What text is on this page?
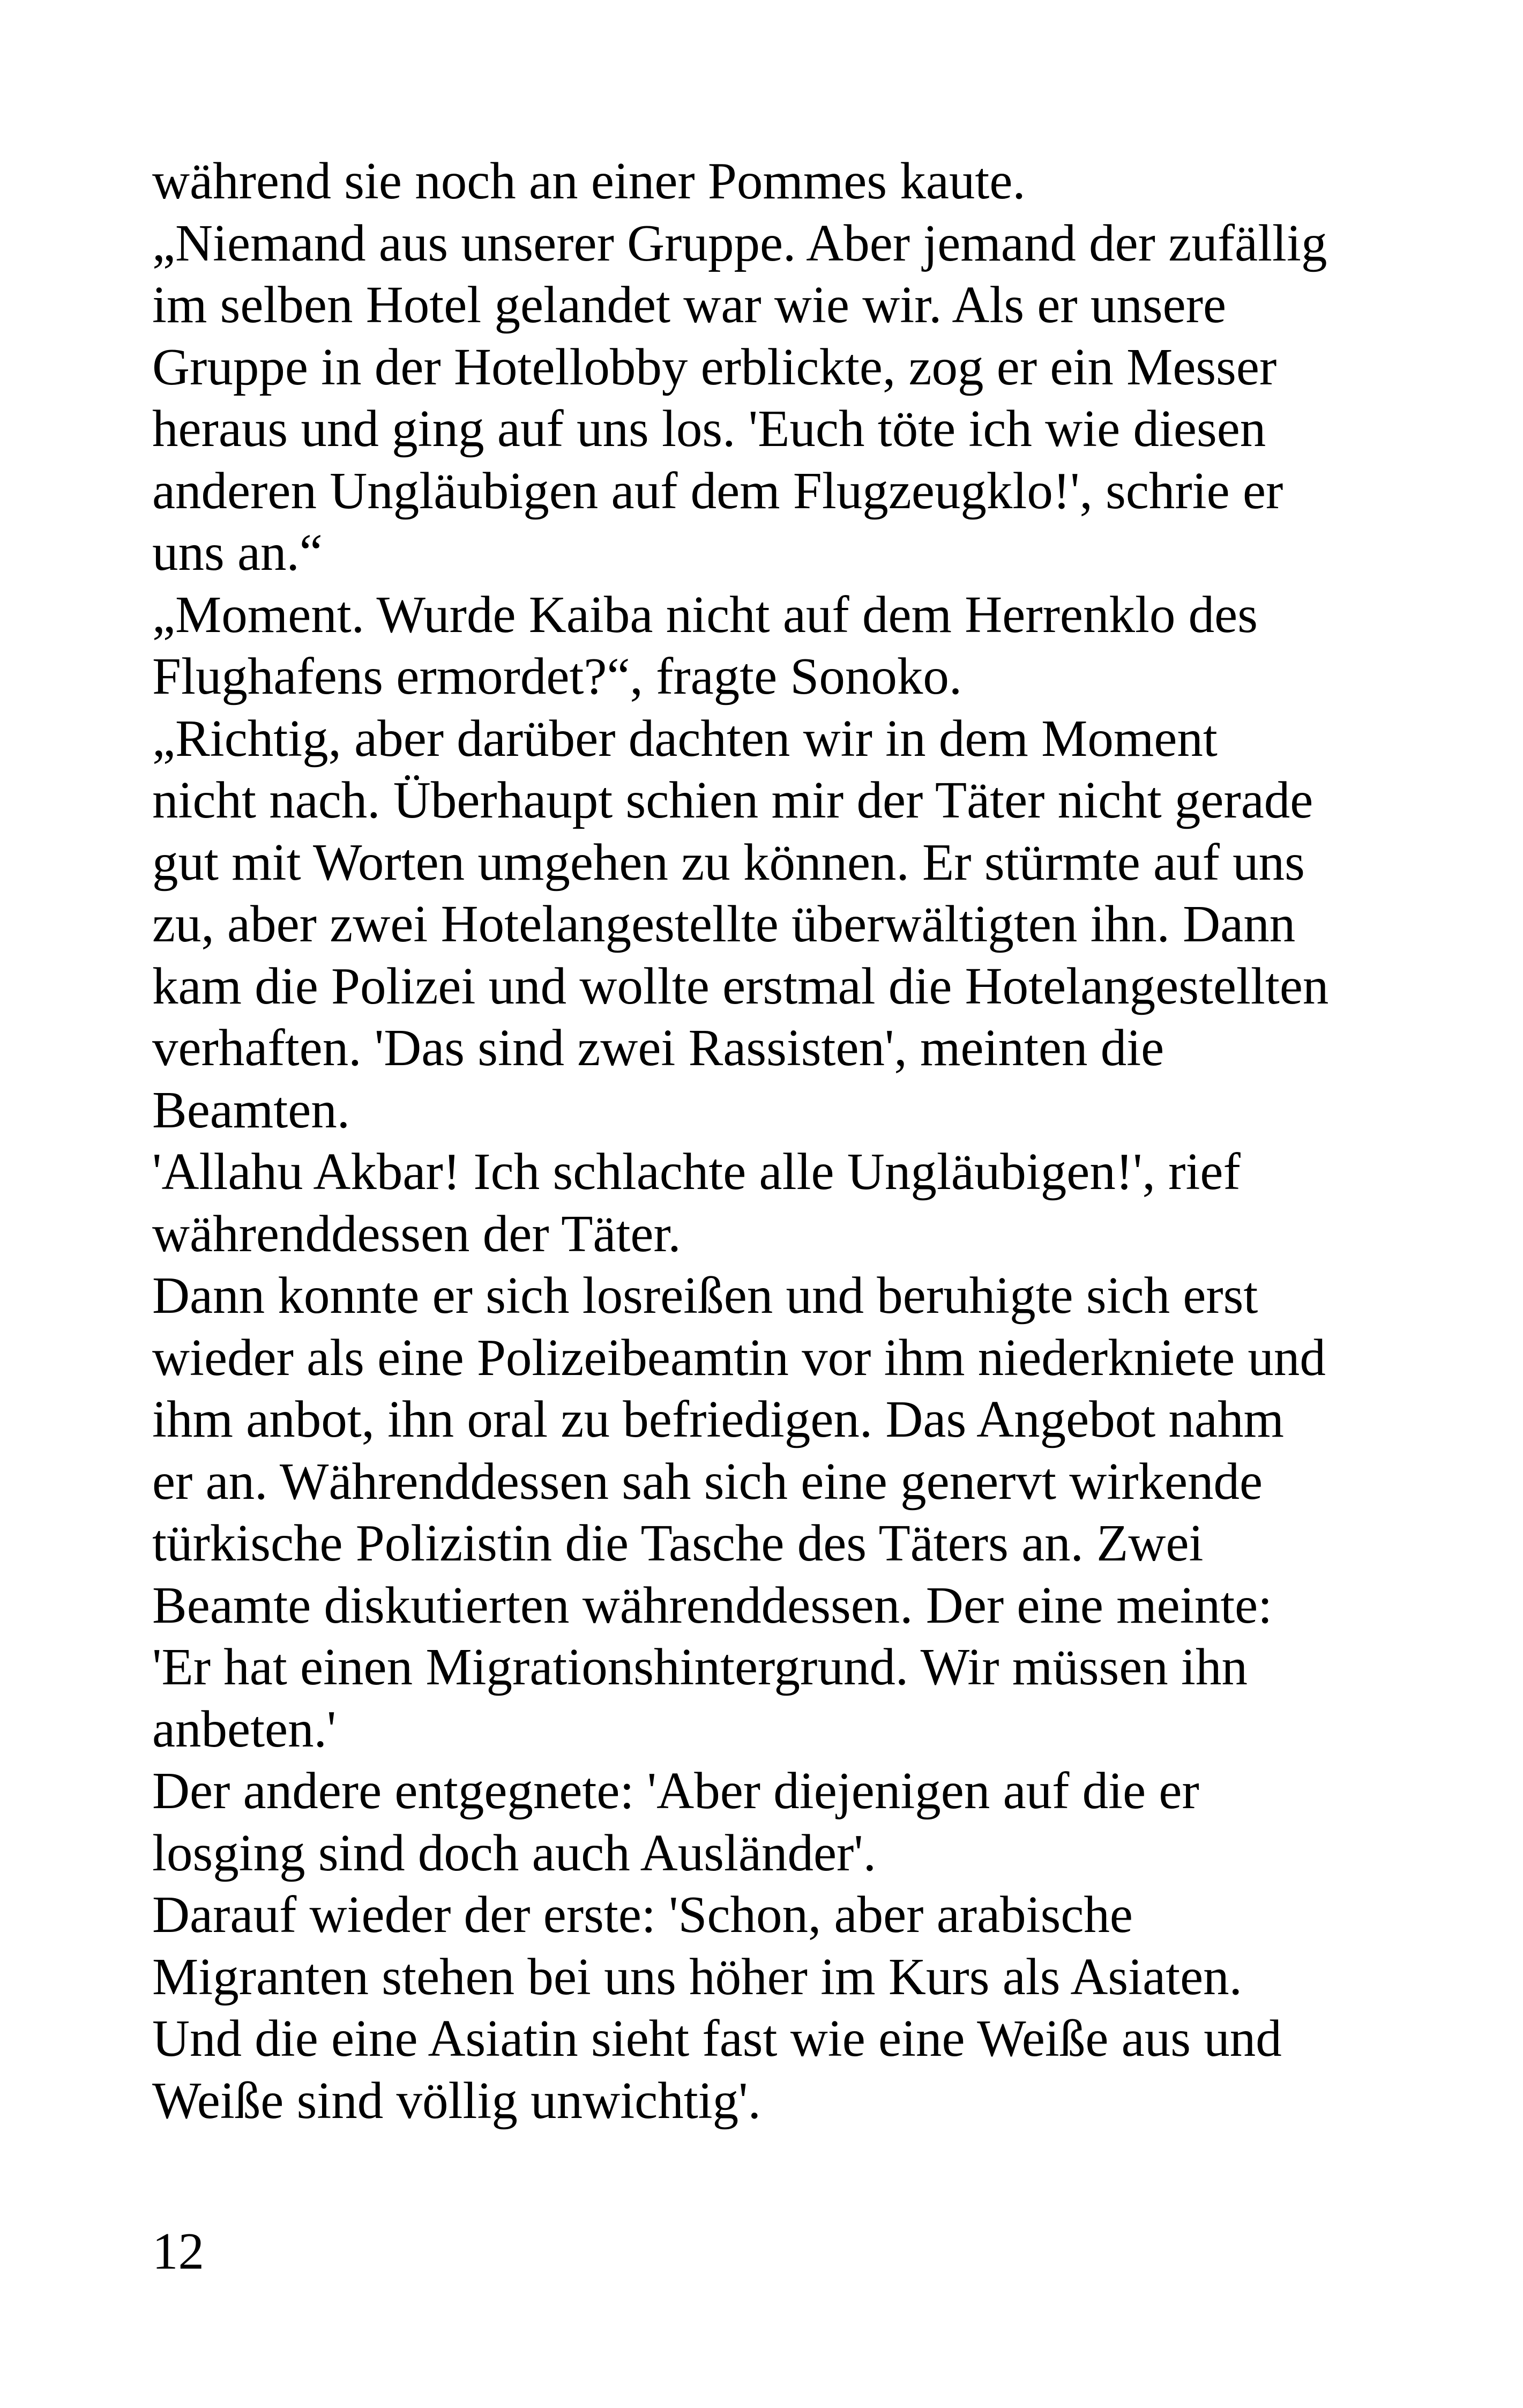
während sie noch an einer Pommes kaute.
„Niemand aus unserer Gruppe. Aber jemand der zufällig
im selben Hotel gelandet war wie wir. Als er unsere
Gruppe in der Hotellobby erblickte, zog er ein Messer
heraus und ging auf uns los. 'Euch töte ich wie diesen
anderen Ungläubigen auf dem Flugzeugklo!', schrie er
uns an.“
„Moment. Wurde Kaiba nicht auf dem Herrenklo des
Flughafens ermordet?“, fragte Sonoko.
„Richtig, aber darüber dachten wir in dem Moment
nicht nach. Überhaupt schien mir der Täter nicht gerade
gut mit Worten umgehen zu können. Er stürmte auf uns
zu, aber zwei Hotelangestellte überwältigten ihn. Dann
kam die Polizei und wollte erstmal die Hotelangestellten
verhaften. 'Das sind zwei Rassisten', meinten die
Beamten.
'Allahu Akbar! Ich schlachte alle Ungläubigen!', rief
währenddessen der Täter.
Dann konnte er sich losreißen und beruhigte sich erst
wieder als eine Polizeibeamtin vor ihm niederkniete und
ihm anbot, ihn oral zu befriedigen. Das Angebot nahm
er an. Währenddessen sah sich eine genervt wirkende
türkische Polizistin die Tasche des Täters an. Zwei
Beamte diskutierten währenddessen. Der eine meinte:
'Er hat einen Migrationshintergrund. Wir müssen ihn
anbeten.'
Der andere entgegnete: 'Aber diejenigen auf die er
losging sind doch auch Ausländer'.
Darauf wieder der erste: 'Schon, aber arabische
Migranten stehen bei uns höher im Kurs als Asiaten.
Und die eine Asiatin sieht fast wie eine Weiße aus und
Weiße sind völlig unwichtig'.
12
